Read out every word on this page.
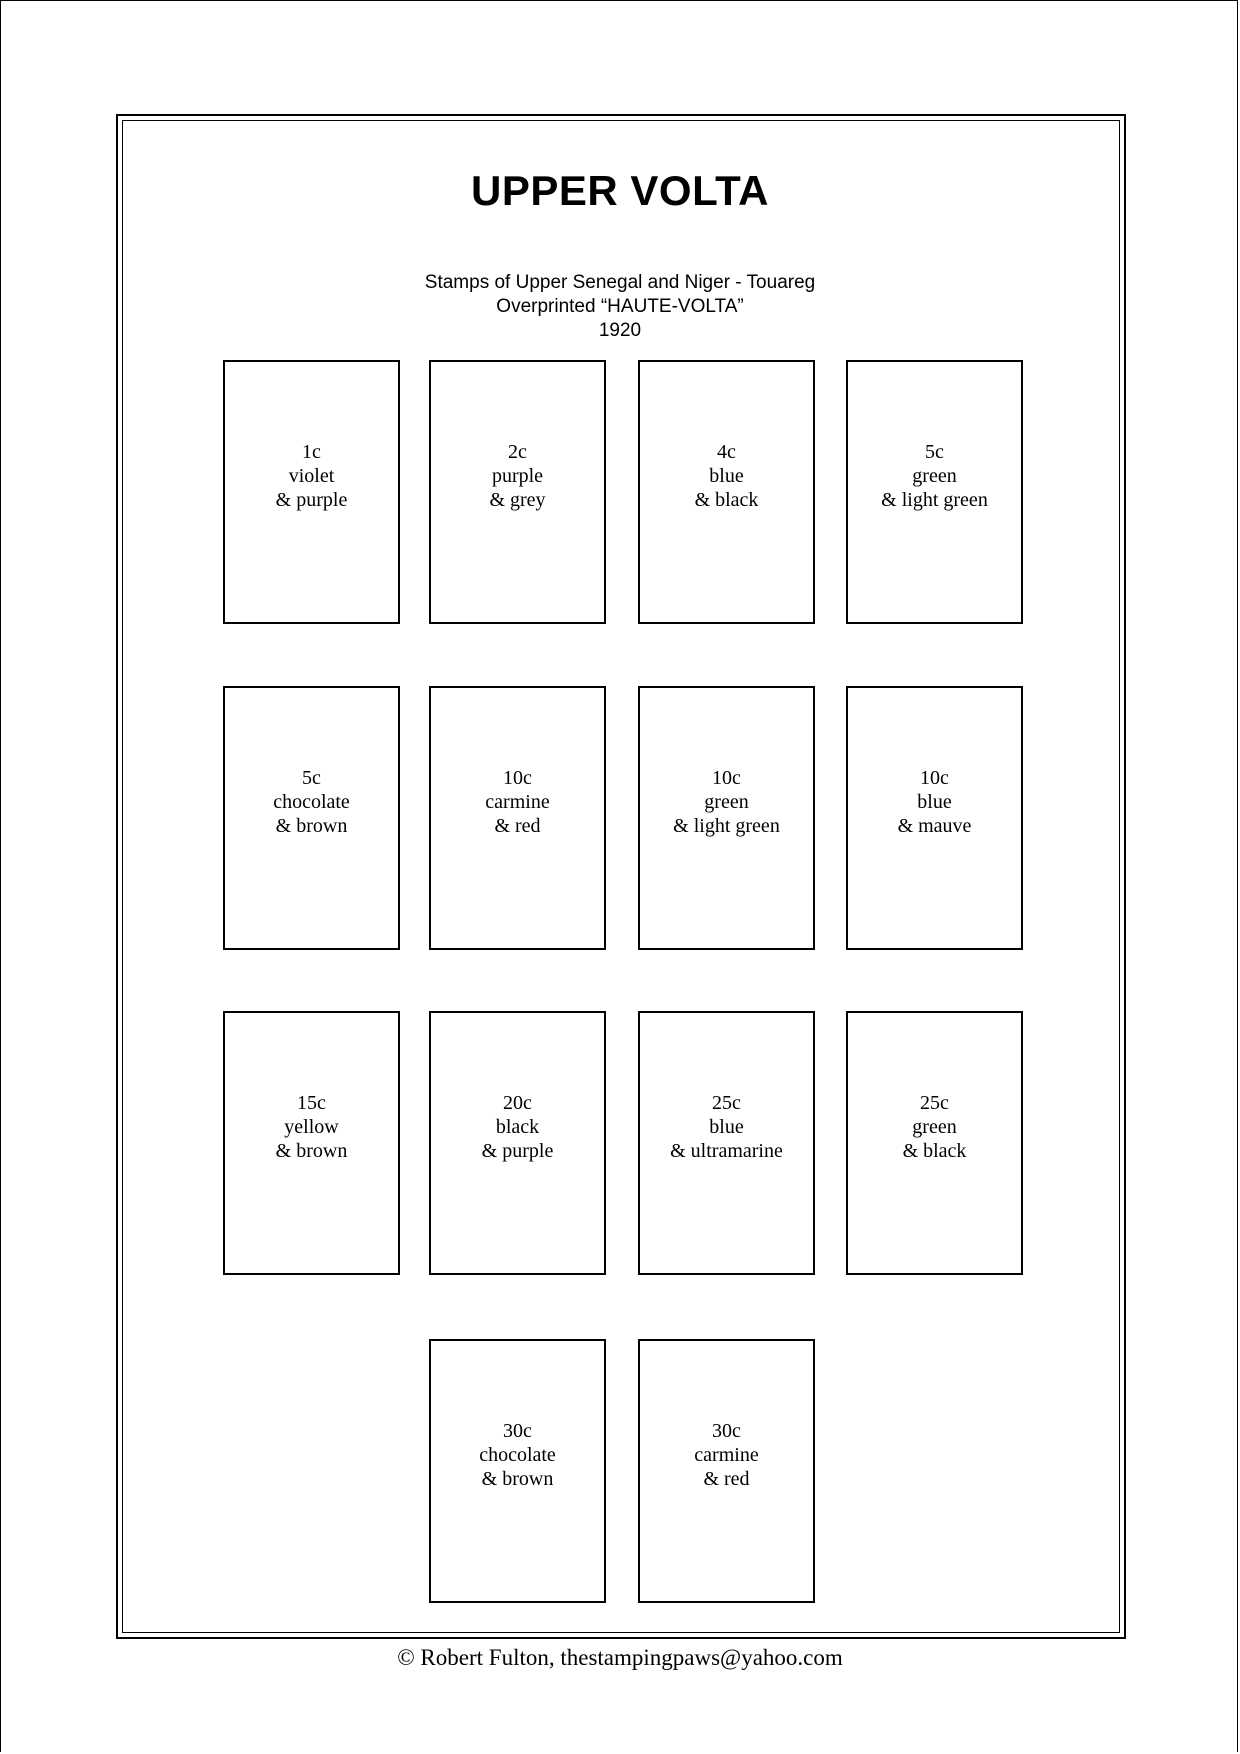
UPPER VOLTA
Stamps of Upper Senegal and Niger - Touareg
Overprinted “HAUTE-VOLTA”
1920
1c
violet
& purple
2c
purple
& grey
4c
blue
& black
5c
green
& light green
5c
chocolate
& brown
10c
carmine
& red
10c
green
& light green
10c
blue
& mauve
15c
yellow
& brown
20c
black
& purple
25c
blue
& ultramarine
25c
green
& black
30c
chocolate
& brown
30c
carmine
& red
© Robert Fulton, thestampingpaws@yahoo.com
